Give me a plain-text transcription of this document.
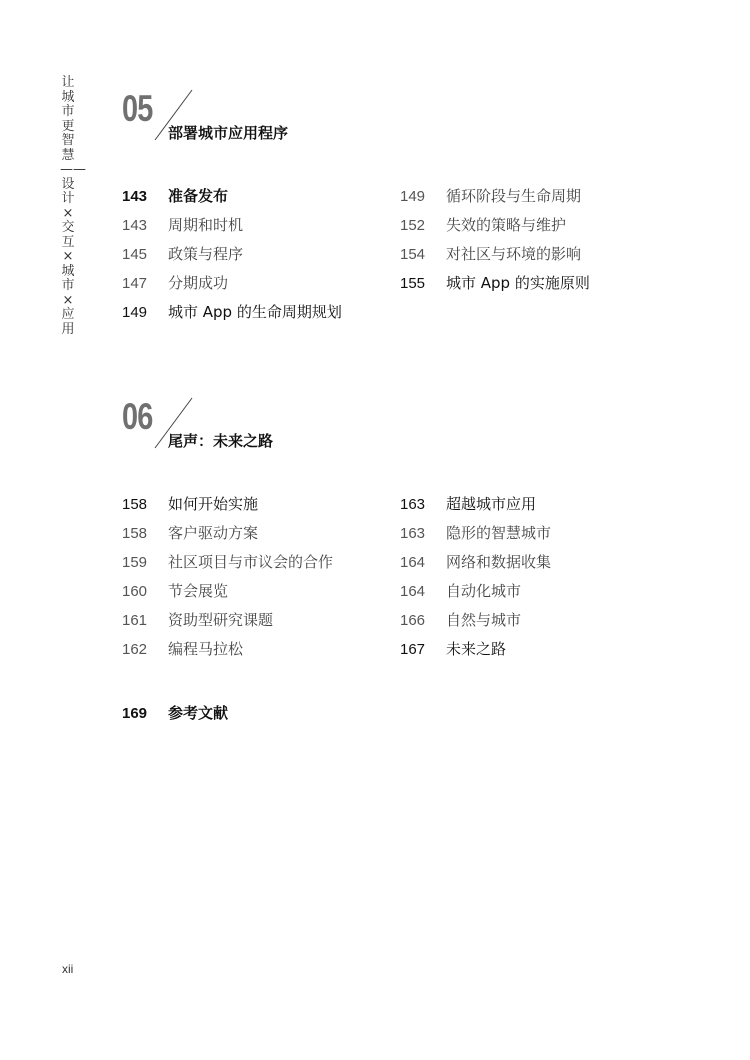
让城市更智慧——设计×交互×城市×应用
05
部署城市应用程序
143	准备发布
143	周期和时机
145	政策与程序
147	分期成功
149	城市 App 的生命周期规划
149	循环阶段与生命周期
152	失效的策略与维护
154	对社区与环境的影响
155	城市 App 的实施原则
06
尾声：未来之路
158	如何开始实施
158	客户驱动方案
159	社区项目与市议会的合作
160	节会展览
161	资助型研究课题
162	编程马拉松
163	超越城市应用
163	隐形的智慧城市
164	网络和数据收集
164	自动化城市
166	自然与城市
167	未来之路
169	参考文献
xii
